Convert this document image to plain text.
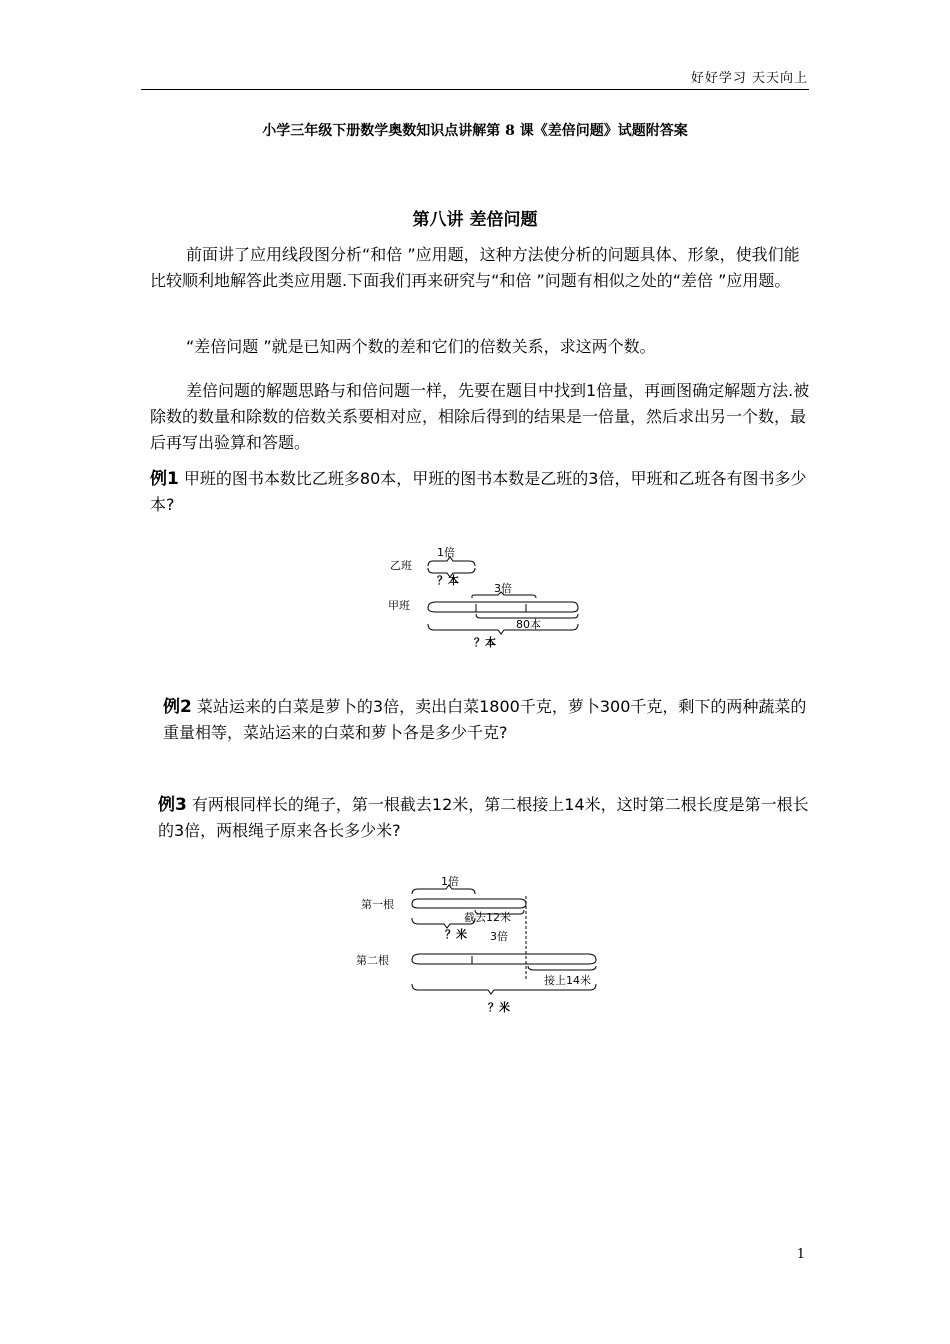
好好学习 天天向上
小学三年级下册数学奥数知识点讲解第 8 课《差倍问题》试题附答案
第八讲 差倍问题
前面讲了应用线段图分析“和倍 ”应用题，这种方法使分析的问题具体、形象，使我们能比较顺利地解答此类应用题.下面我们再来研究与“和倍 ”问题有相似之处的“差倍 ”应用题。
“差倍问题 ”就是已知两个数的差和它们的倍数关系，求这两个数。
差倍问题的解题思路与和倍问题一样，先要在题目中找到1倍量，再画图确定解题方法.被除数的数量和除数的倍数关系要相对应，相除后得到的结果是一倍量，然后求出另一个数，最后再写出验算和答题。
例1 甲班的图书本数比乙班多80本，甲班的图书本数是乙班的3倍，甲班和乙班各有图书多少本?
乙班
1倍
？本
3倍
甲班
80本
？本
例2 菜站运来的白菜是萝卜的3倍，卖出白菜1800千克，萝卜300千克，剩下的两种蔬菜的重量相等，菜站运来的白菜和萝卜各是多少千克?
例3 有两根同样长的绳子，第一根截去12米，第二根接上14米，这时第二根长度是第一根长的3倍，两根绳子原来各长多少米?
1倍
第一根
截去12米
？米 3倍
第二根
接上14米
？米
1
